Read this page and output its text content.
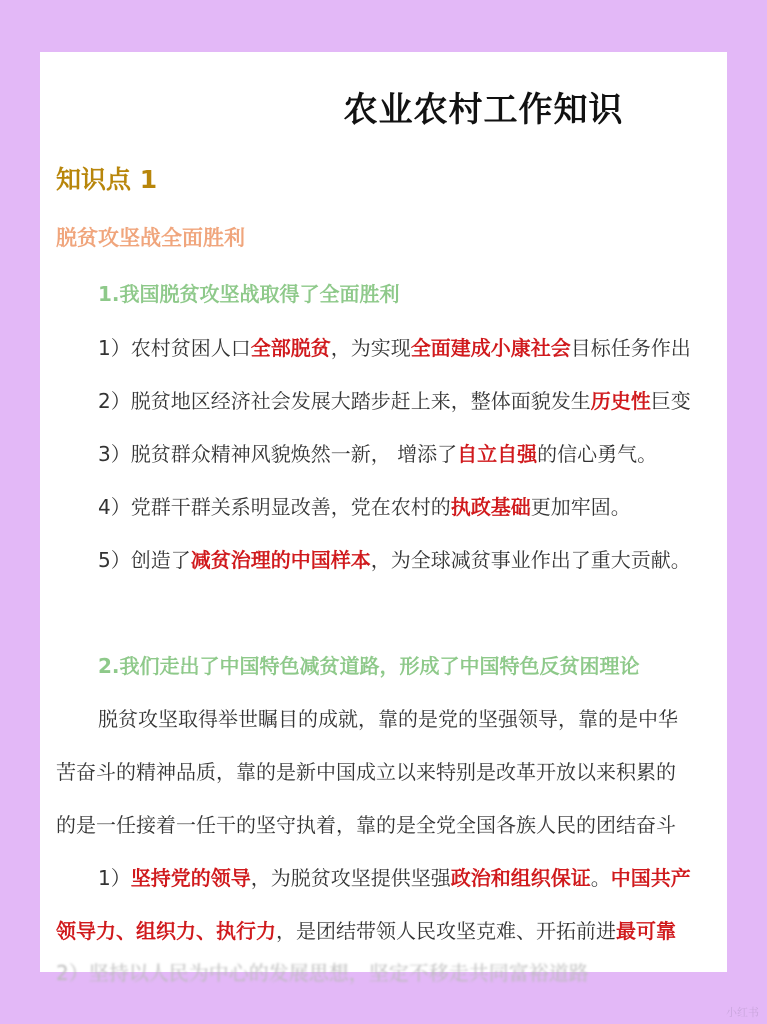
农业农村工作知识
知识点 1
脱贫攻坚战全面胜利
1.我国脱贫攻坚战取得了全面胜利
1）农村贫困人口全部脱贫，为实现全面建成小康社会目标任务作出
2）脱贫地区经济社会发展大踏步赶上来，整体面貌发生历史性巨变
3）脱贫群众精神风貌焕然一新， 增添了自立自强的信心勇气。
4）党群干群关系明显改善，党在农村的执政基础更加牢固。
5）创造了减贫治理的中国样本，为全球减贫事业作出了重大贡献。
2.我们走出了中国特色减贫道路，形成了中国特色反贫困理论
脱贫攻坚取得举世瞩目的成就，靠的是党的坚强领导，靠的是中华
苦奋斗的精神品质，靠的是新中国成立以来特别是改革开放以来积累的
的是一任接着一任干的坚守执着，靠的是全党全国各族人民的团结奋斗
1）坚持党的领导，为脱贫攻坚提供坚强政治和组织保证。中国共产
领导力、组织力、执行力，是团结带领人民攻坚克难、开拓前进最可靠
2）坚持以人民为中心的发展思想，坚定不移走共同富裕道路
小红书
